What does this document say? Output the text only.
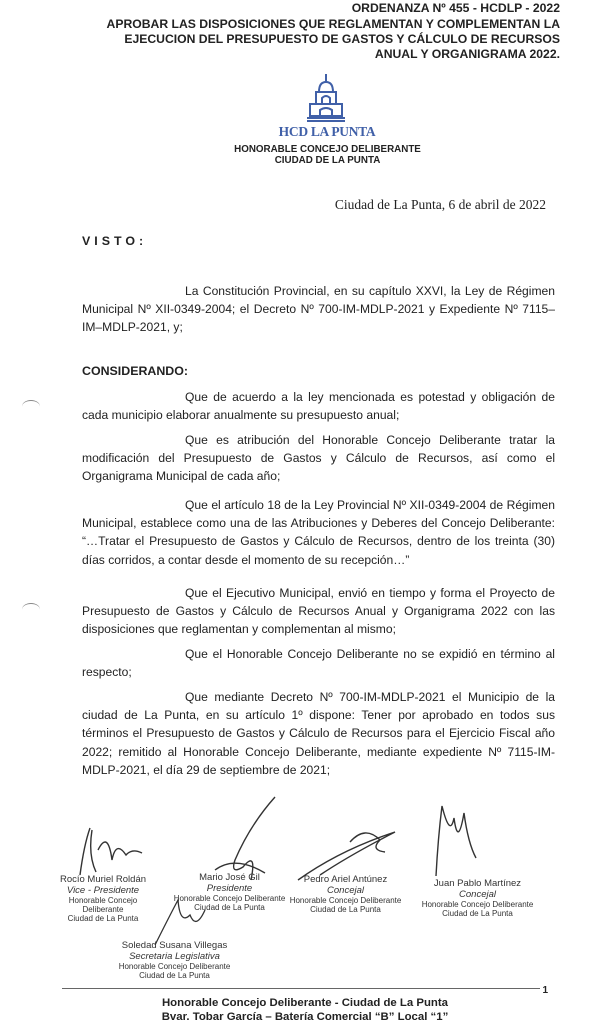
ORDENANZA Nº 455 - HCDLP - 2022
APROBAR LAS DISPOSICIONES QUE REGLAMENTAN Y COMPLEMENTAN LA
EJECUCION DEL PRESUPUESTO DE GASTOS Y CÁLCULO DE RECURSOS
ANUAL Y ORGANIGRAMA 2022.
HCD LA PUNTA
HONORABLE CONCEJO DELIBERANTE
CIUDAD DE LA PUNTA
Ciudad de La Punta, 6 de abril de 2022
VISTO:

La Constitución Provincial, en su capítulo XXVI, la Ley de Régimen Municipal Nº XII-0349-2004; el Decreto Nº 700-IM-MDLP-2021 y Expediente Nº 7115–IM–MDLP-2021, y;

CONSIDERANDO:

Que de acuerdo a la ley mencionada es potestad y obligación de cada municipio elaborar anualmente su presupuesto anual;

Que es atribución del Honorable Concejo Deliberante tratar la modificación del Presupuesto de Gastos y Cálculo de Recursos, así como el Organigrama Municipal de cada año;

Que el artículo 18 de la Ley Provincial Nº XII-0349-2004 de Régimen Municipal, establece como una de las Atribuciones y Deberes del Concejo Deliberante: “…Tratar el Presupuesto de Gastos y Cálculo de Recursos, dentro de los treinta (30) días corridos, a contar desde el momento de su recepción…”

Que el Ejecutivo Municipal, envió en tiempo y forma el Proyecto de Presupuesto de Gastos y Cálculo de Recursos Anual y Organigrama 2022 con las disposiciones que reglamentan y complementan al mismo;

Que el Honorable Concejo Deliberante no se expidió en término al respecto;

Que mediante Decreto Nº 700-IM-MDLP-2021 el Municipio de la ciudad de La Punta, en su artículo 1º dispone: Tener por aprobado en todos sus términos el Presupuesto de Gastos y Cálculo de Recursos para el Ejercicio Fiscal año 2022; remitido al Honorable Concejo Deliberante, mediante expediente Nº 7115-IM-MDLP-2021, el día 29 de septiembre de 2021;

Rocío Muriel Roldán
Vice - Presidente
Honorable Concejo Deliberante
Ciudad de La Punta
Mario José Gil
Presidente
Honorable Concejo Deliberante
Ciudad de La Punta
Pedro Ariel Antúnez
Concejal
Honorable Concejo Deliberante
Ciudad de La Punta
Juan Pablo Martínez
Concejal
Honorable Concejo Deliberante
Ciudad de La Punta
Soledad Susana Villegas
Secretaria Legislativa
Honorable Concejo Deliberante
Ciudad de La Punta
1
Honorable Concejo Deliberante - Ciudad de La Punta
Bvar. Tobar García – Batería Comercial “B” Local “1”
